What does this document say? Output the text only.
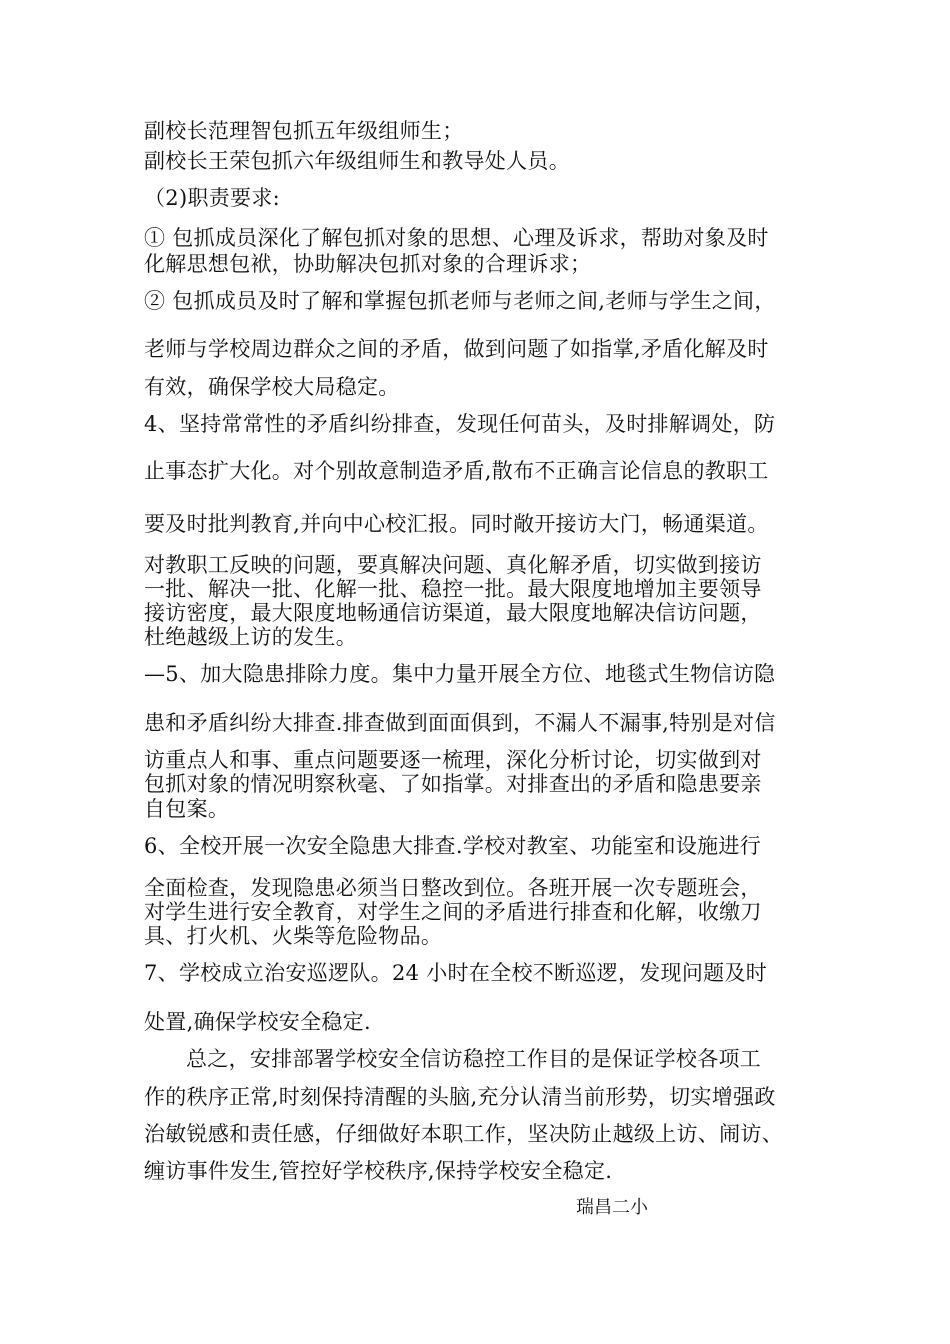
副校长范理智包抓五年级组师生；
副校长王荣包抓六年级组师生和教导处人员。
（2)职责要求:
① 包抓成员深化了解包抓对象的思想、心理及诉求，帮助对象及时
化解思想包袱，协助解决包抓对象的合理诉求；
② 包抓成员及时了解和掌握包抓老师与老师之间,老师与学生之间，
老师与学校周边群众之间的矛盾，做到问题了如指掌,矛盾化解及时
有效，确保学校大局稳定。
4、坚持常常性的矛盾纠纷排查，发现任何苗头，及时排解调处，防
止事态扩大化。对个别故意制造矛盾,散布不正确言论信息的教职工
要及时批判教育,并向中心校汇报。同时敞开接访大门，畅通渠道。
对教职工反映的问题，要真解决问题、真化解矛盾，切实做到接访
一批、解决一批、化解一批、稳控一批。最大限度地增加主要领导
接访密度，最大限度地畅通信访渠道，最大限度地解决信访问题，
杜绝越级上访的发生。
—5、加大隐患排除力度。集中力量开展全方位、地毯式生物信访隐
患和矛盾纠纷大排查.排查做到面面俱到，不漏人不漏事,特别是对信
访重点人和事、重点问题要逐一梳理，深化分析讨论，切实做到对
包抓对象的情况明察秋毫、了如指掌。对排查出的矛盾和隐患要亲
自包案。
6、全校开展一次安全隐患大排查.学校对教室、功能室和设施进行
全面检查，发现隐患必须当日整改到位。各班开展一次专题班会，
对学生进行安全教育，对学生之间的矛盾进行排查和化解，收缴刀
具、打火机、火柴等危险物品。
7、学校成立治安巡逻队。24 小时在全校不断巡逻，发现问题及时
处置,确保学校安全稳定.
总之，安排部署学校安全信访稳控工作目的是保证学校各项工
作的秩序正常,时刻保持清醒的头脑,充分认清当前形势，切实增强政
治敏锐感和责任感，仔细做好本职工作，坚决防止越级上访、闹访、
缠访事件发生,管控好学校秩序,保持学校安全稳定.
瑞昌二小
